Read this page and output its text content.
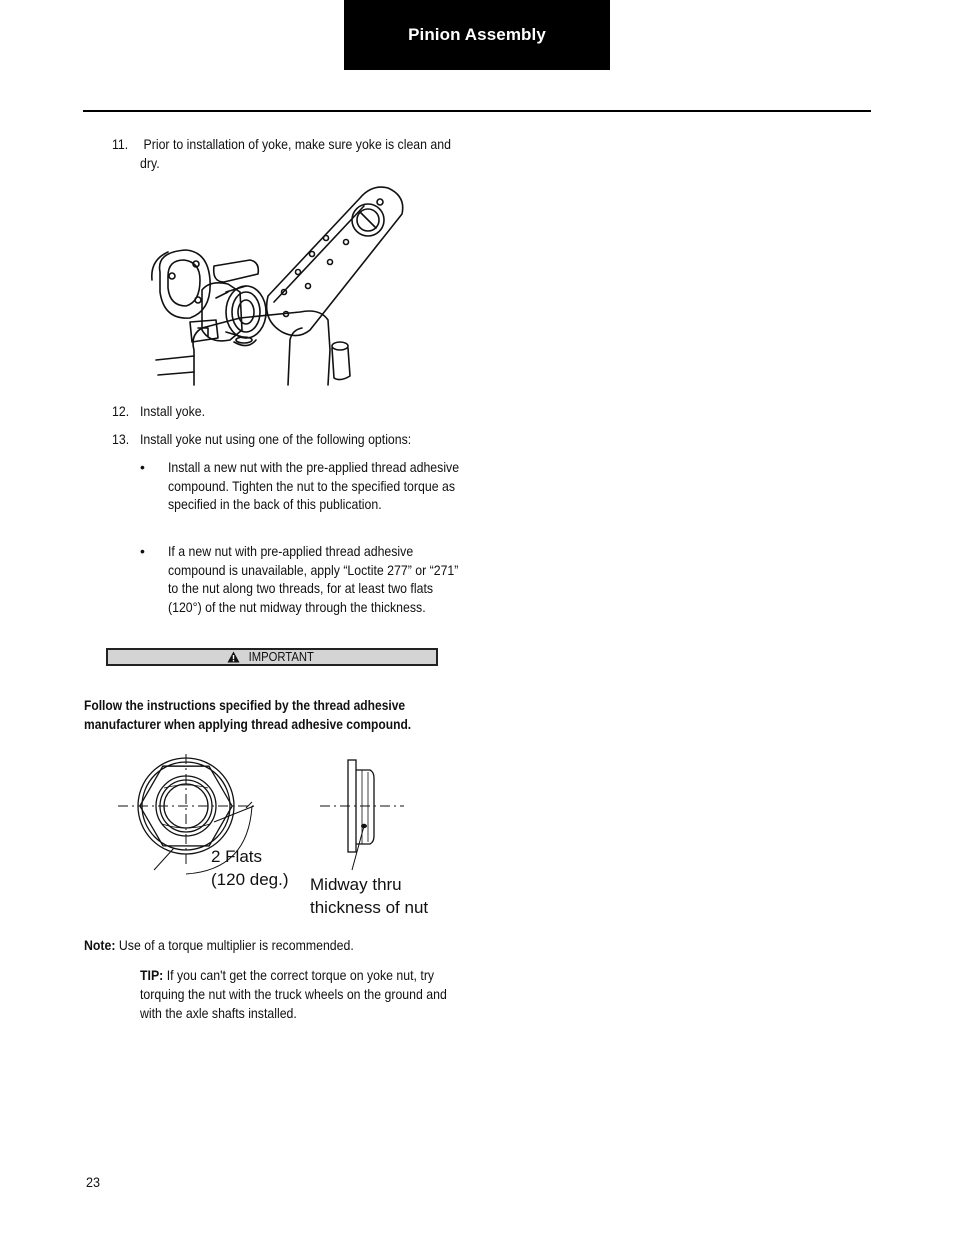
Pinion Assembly
11. Prior to installation of yoke, make sure yoke is clean and dry.
12. Install yoke.
13. Install yoke nut using one of the following options:
• Install a new nut with the pre-applied thread adhesive compound. Tighten the nut to the specified torque as specified in the back of this publication.
• If a new nut with pre-applied thread adhesive compound is unavailable, apply “Loctite 277” or “271” to the nut along two threads, for at least two flats (120°) of the nut midway through the thickness.
IMPORTANT
Follow the instructions specified by the thread adhesive manufacturer when applying thread adhesive compound.
2 Flats
(120 deg.) Midway thru
thickness of nut
Note: Use of a torque multiplier is recommended.
TIP: If you can't get the correct torque on yoke nut, try torquing the nut with the truck wheels on the ground and with the axle shafts installed.
23
